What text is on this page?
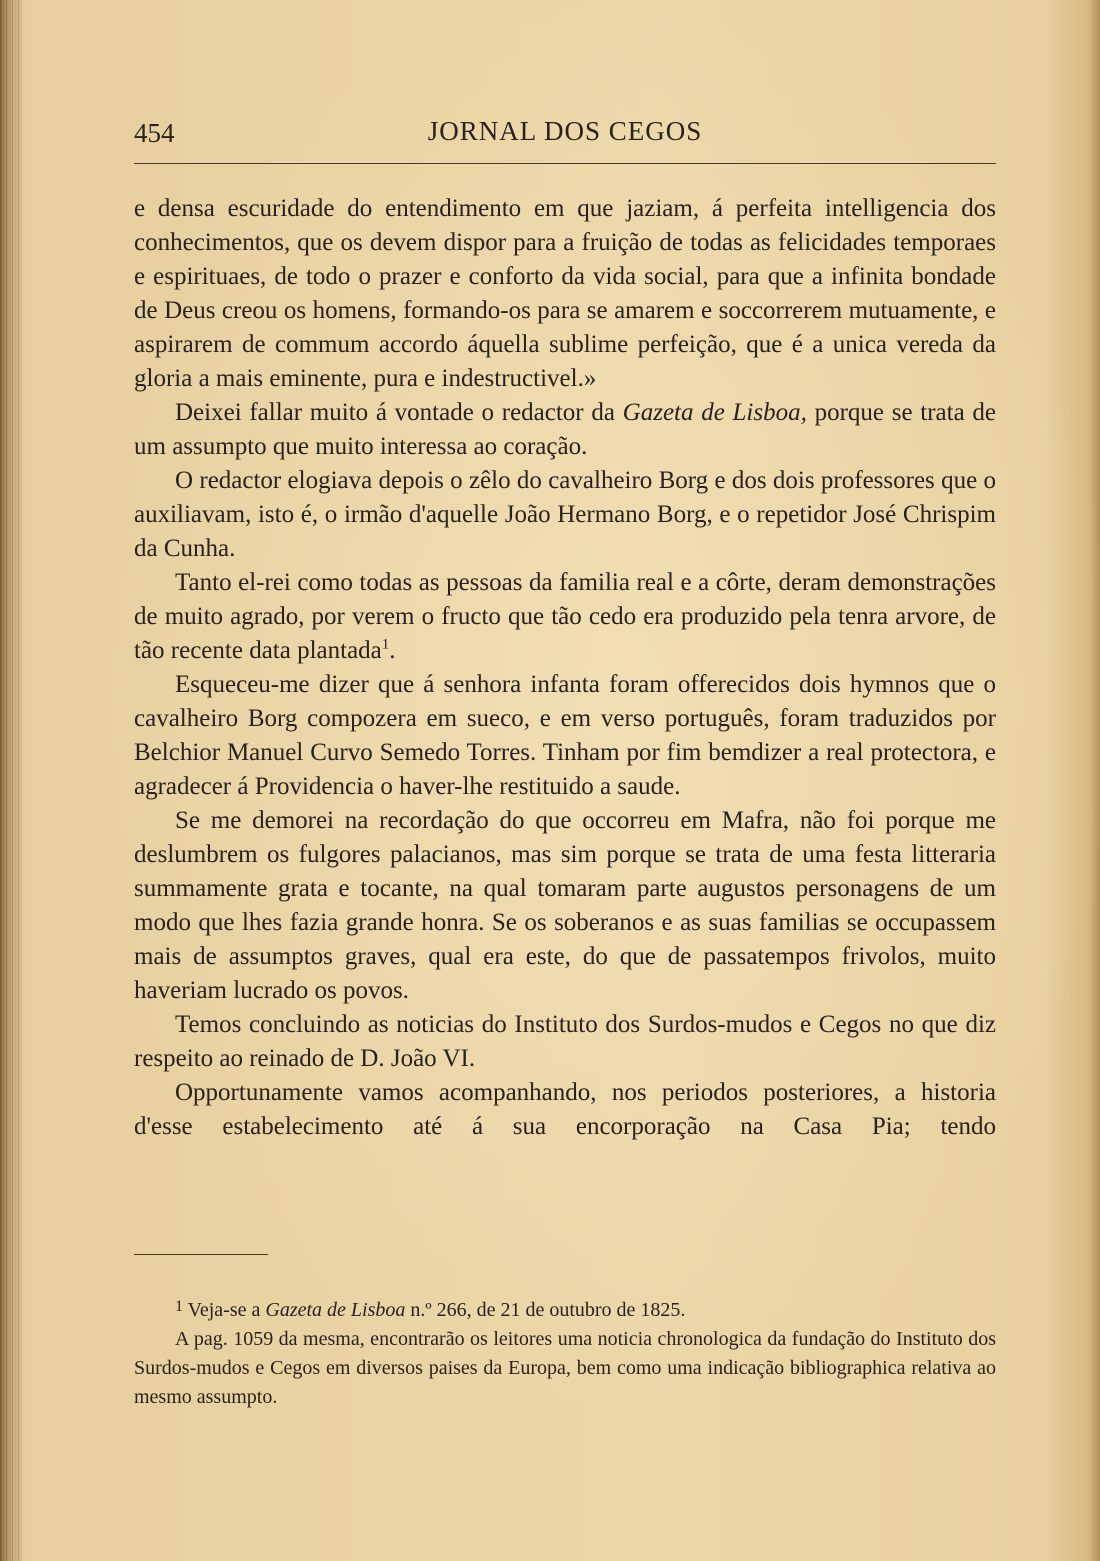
454	JORNAL DOS CEGOS

e densa escuridade do entendimento em que jaziam, á perfeita intelligencia dos conhecimentos, que os devem dispor para a fruição de todas as felicidades temporaes e espirituaes, de todo o prazer e conforto da vida social, para que a infinita bondade de Deus creou os homens, formando-os para se amarem e soccorrerem mutuamente, e aspirarem de commum accordo áquella sublime perfeição, que é a unica vereda da gloria a mais eminente, pura e indestructivel.»

Deixei fallar muito á vontade o redactor da Gazeta de Lisboa, porque se trata de um assumpto que muito interessa ao coração.

O redactor elogiava depois o zêlo do cavalheiro Borg e dos dois professores que o auxiliavam, isto é, o irmão d'aquelle João Hermano Borg, e o repetidor José Chrispim da Cunha.

Tanto el-rei como todas as pessoas da familia real e a côrte, deram demonstrações de muito agrado, por verem o fructo que tão cedo era produzido pela tenra arvore, de tão recente data plantada$^1$.

Esqueceu-me dizer que á senhora infanta foram offerecidos dois hymnos que o cavalheiro Borg compozera em sueco, e em verso português, foram traduzidos por Belchior Manuel Curvo Semedo Torres. Tinham por fim bemdizer a real protectora, e agradecer á Providencia o haver-lhe restituido a saude.

Se me demorei na recordação do que occorreu em Mafra, não foi porque me deslumbrem os fulgores palacianos, mas sim porque se trata de uma festa litteraria summamente grata e tocante, na qual tomaram parte augustos personagens de um modo que lhes fazia grande honra. Se os soberanos e as suas familias se occupassem mais de assumptos graves, qual era este, do que de passatempos frivolos, muito haveriam lucrado os povos.

Temos concluindo as noticias do Instituto dos Surdos-mudos e Cegos no que diz respeito ao reinado de D. João VI.

Opportunamente vamos acompanhando, nos periodos posteriores, a historia d'esse estabelecimento até á sua encorporação na Casa Pia; tendo

$^1$ Veja-se a Gazeta de Lisboa n.º 266, de 21 de outubro de 1825.

A pag. 1059 da mesma, encontrarão os leitores uma noticia chronologica da fundação do Instituto dos Surdos-mudos e Cegos em diversos paises da Europa, bem como uma indicação bibliographica relativa ao mesmo assumpto.
